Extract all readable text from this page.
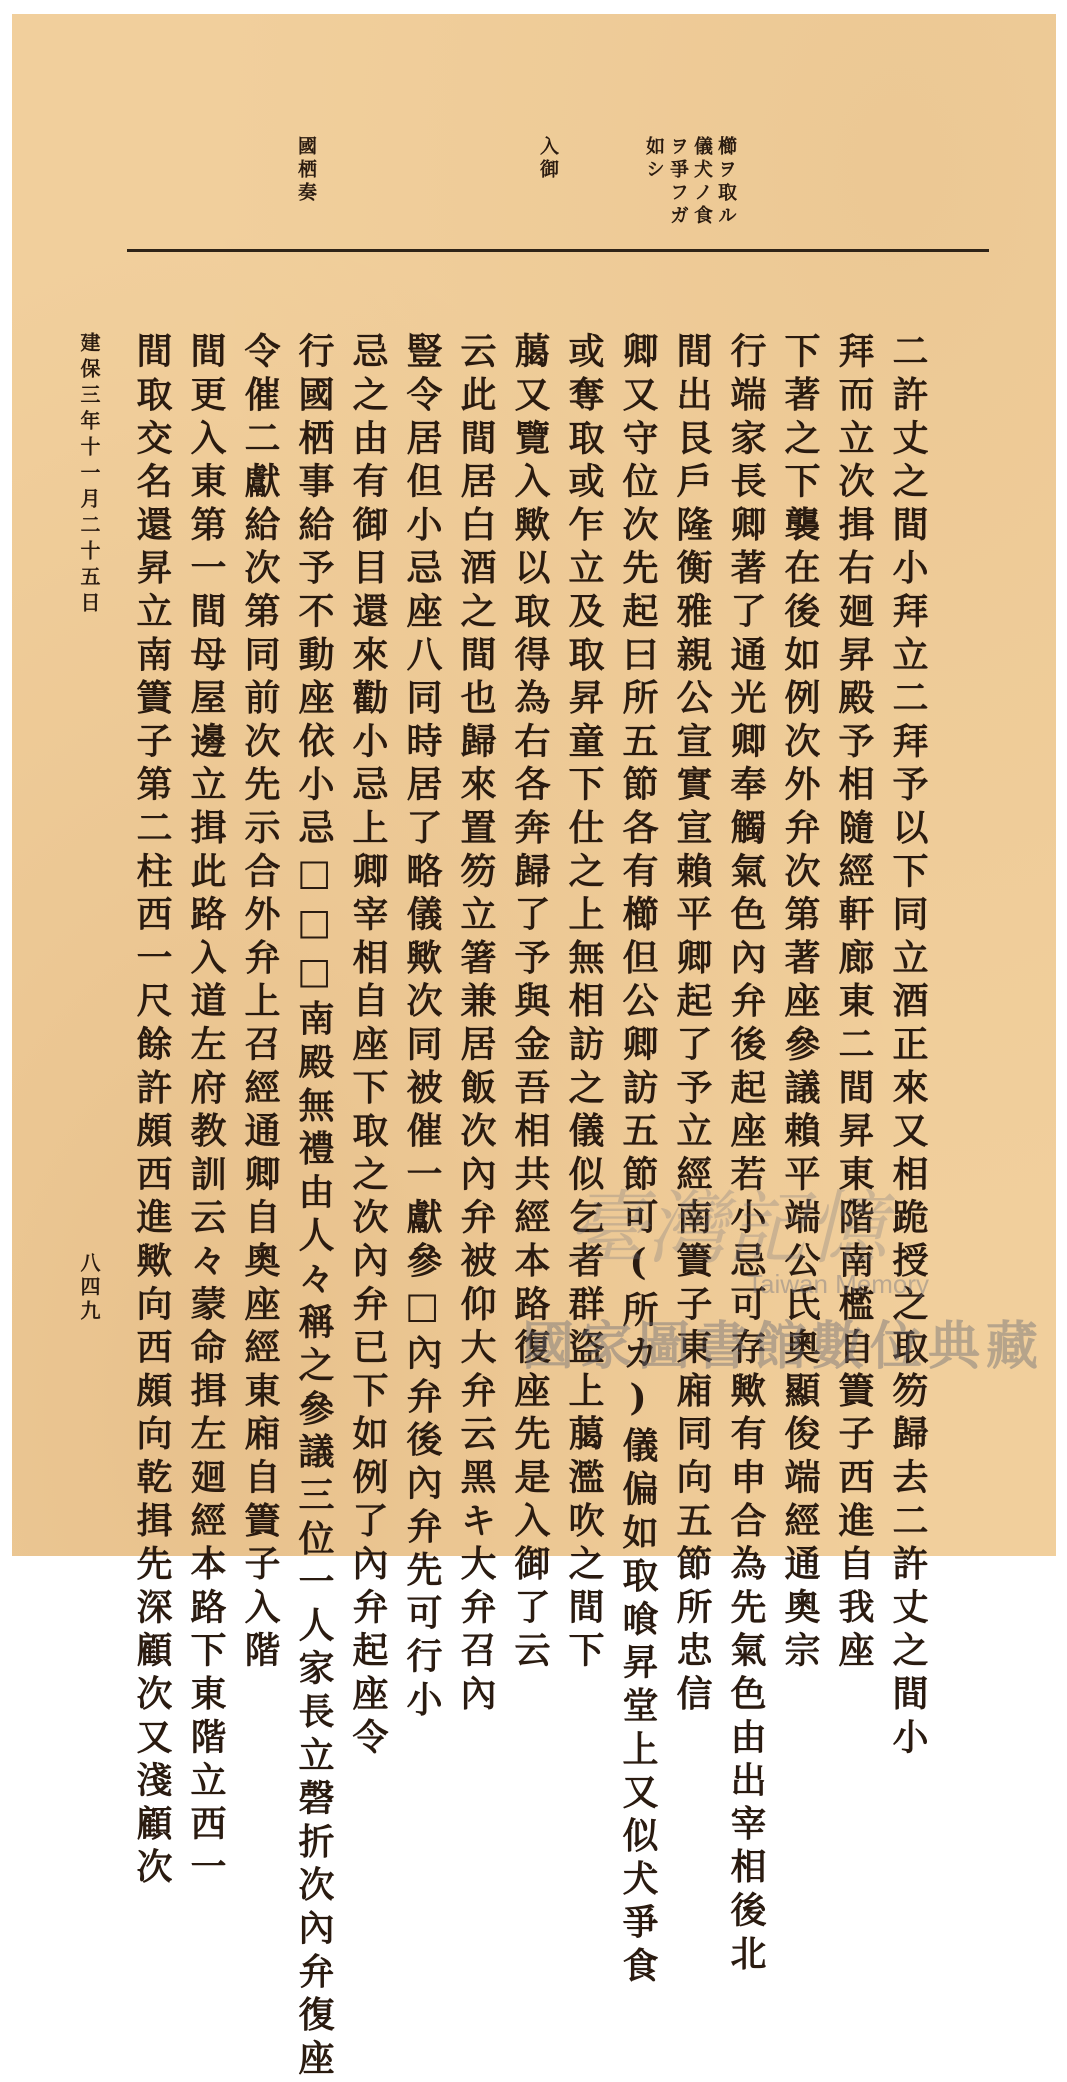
櫛ヲ取ル
儀犬ノ食
ヲ爭フガ
如シ
入御
國栖奏
二許丈之間小拜立二拜予以下同立酒正來又相跪授之取笏歸去二許丈之間小
拜而立次揖右廻昇殿予相隨經軒廊東二間昇東階南檻自簀子西進自我座
下著之下襲在後如例次外弁次第著座參議賴平端公氏奧顯俊端經通奧宗
行端家長卿著了通光卿奉觸氣色內弁後起座若小忌可存歟有申合為先氣色由出宰相後北
間出艮戶隆衡雅親公宣實宣賴平卿起了予立經南簀子東廂同向五節所忠信
卿又守位次先起曰所五節各有櫛但公卿訪五節可(所カ)儀偏如取喰昇堂上又似犬爭食
或奪取或乍立及取昇童下仕之上無相訪之儀似乞者群盜上﨟濫吹之間下
﨟又覽入歟以取得為右各奔歸了予與金吾相共經本路復座先是入御了云
云此間居白酒之間也歸來置笏立箸兼居飯次內弁被仰大弁云黑キ大弁召內
豎令居但小忌座八同時居了略儀歟次同被催一獻參□內弁後內弁先可行小
忌之由有御目還來勸小忌上卿宰相自座下取之次內弁已下如例了內弁起座令
行國栖事給予不動座依小忌□□□南殿無禮由人々稱之參議三位一人家長立磬折次內弁復座
令催二獻給次第同前次先示合外弁上召經通卿自奧座經東廂自簀子入階
間更入東第一間母屋邊立揖此路入道左府教訓云々蒙命揖左廻經本路下東階立西一
間取交名還昇立南簀子第二柱西一尺餘許頗西進歟向西頗向乾揖先深顧次又淺顧次
建保三年十一月二十五日
八四九
臺灣記憶
Taiwan Memory
國家圖書館數位典藏
